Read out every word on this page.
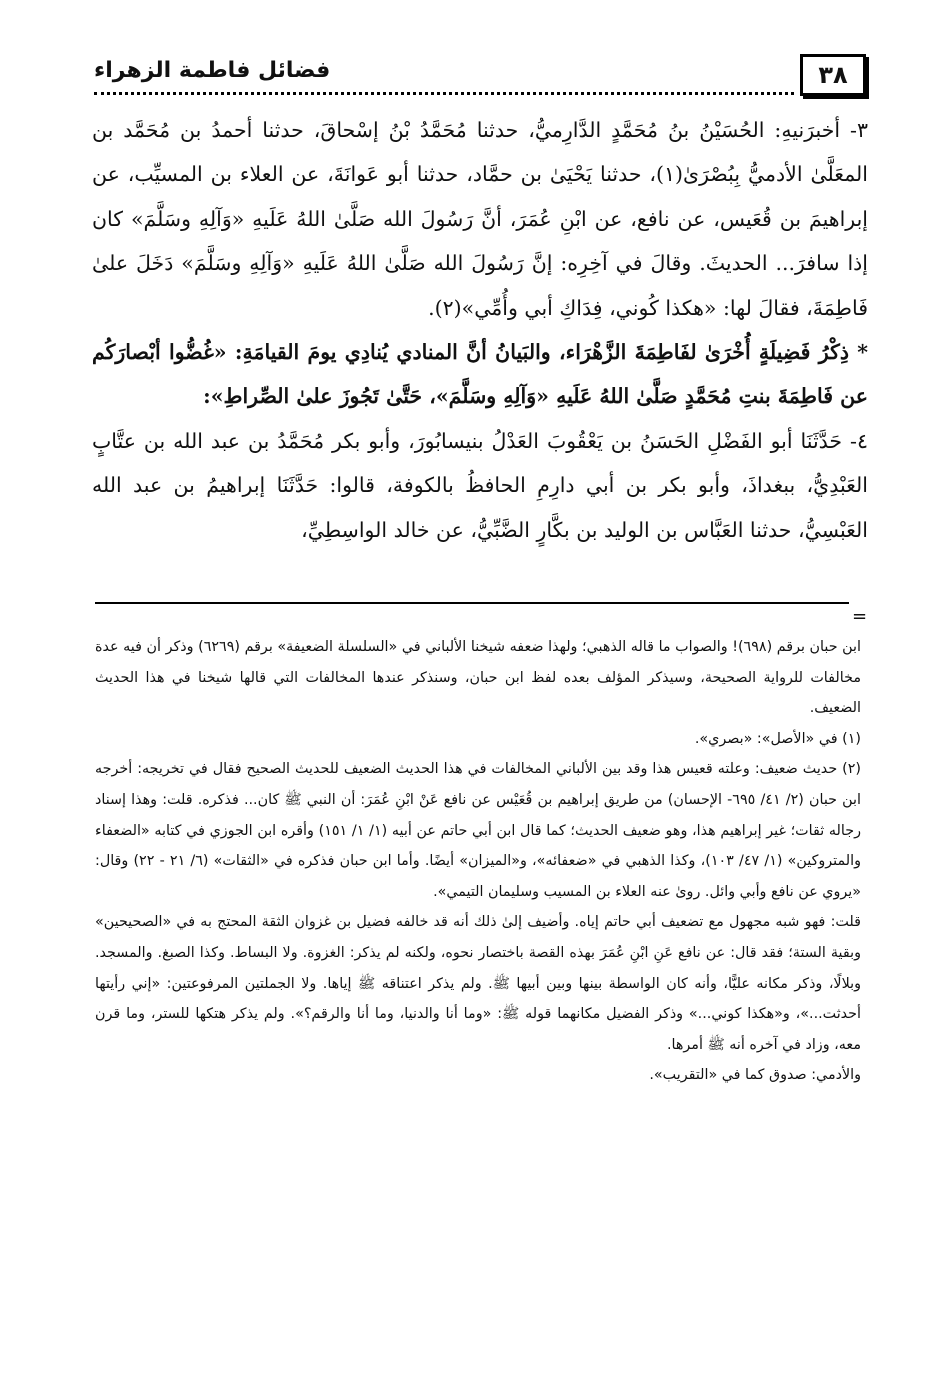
٣٨
فضائل فاطمة الزهراء

٣- أخبرَنيهِ: الحُسَيْنُ بنُ مُحَمَّدٍ الدَّارِميُّ، حدثنا مُحَمَّدُ بْنُ إسْحاقَ، حدثنا أحمدُ بن مُحَمَّد بن المعَلَّىٰ الأدميُّ بِبُصْرَىٰ(١)، حدثنا يَحْيَىٰ بن حمَّاد، حدثنا أبو عَوانَةَ، عن العلاء بن المسيِّب، عن إبراهيمَ بن قُعَيس، عن نافع، عن ابْنِ عُمَرَ، أنَّ رَسُولَ الله صَلَّىٰ اللهُ عَلَيهِ «وَآلِهِ وسَلَّمَ» كان إذا سافرَ... الحديثَ. وقالَ في آخِرِه: إنَّ رَسُولَ الله صَلَّىٰ اللهُ عَلَيهِ «وَآلِهِ وسَلَّمَ» دَخَلَ علىٰ فَاطِمَةَ، فقالَ لها: «هكذا كُوني، فِدَاكِ أبي وأُمِّي»(٢).

* ذِكْرُ فَضِيلَةٍ أُخْرَىٰ لفَاطِمَةَ الزَّهْرَاء، والبَيانُ أنَّ المنادي يُنادِي يومَ القيامَةِ: «غُضُّوا أبْصارَكُم عن فَاطِمَةَ بنتِ مُحَمَّدٍ صَلَّىٰ اللهُ عَلَيهِ «وَآلِهِ وسَلَّمَ»، حَتَّىٰ تَجُوزَ علىٰ الصِّراطِ»:

٤- حَدَّثَنَا أبو الفَضْلِ الحَسَنُ بن يَعْقُوبَ العَدْلُ بنيسابُورَ، وأبو بكر مُحَمَّدُ بن عبد الله بن عتَّابٍ العَبْدِيُّ، ببغداذَ، وأبو بكر بن أبي دارِمِ الحافظُ بالكوفة، قالوا: حَدَّثَنَا إبراهيمُ بن عبد الله العَبْسِيُّ، حدثنا العَبَّاس بن الوليد بن بكَّارٍ الضَّبِّيُّ، عن خالد الواسِطِيِّ،

=

ابن حبان برقم (٦٩٨)! والصواب ما قاله الذهبي؛ ولهذا ضعفه شيخنا الألباني في «السلسلة الضعيفة» برقم (٦٢٦٩) وذكر أن فيه عدة مخالفات للرواية الصحيحة، وسيذكر المؤلف بعده لفظ ابن حبان، وسنذكر عندها المخالفات التي قالها شيخنا في هذا الحديث الضعيف.

(١) في «الأصل»: «بصري».

(٢) حديث ضعيف: وعلته قعيس هذا وقد بين الألباني المخالفات في هذا الحديث الضعيف للحديث الصحيح فقال في تخريجه: أخرجه ابن حبان (٢/ ٤١/ ٦٩٥- الإحسان) من طريق إبراهيم بن قُعَيْس عن نافع عَنْ ابْنِ عُمَرَ: أن النبي ﷺ كان... فذكره. قلت: وهذا إسناد رجاله ثقات؛ غير إبراهيم هذا، وهو ضعيف الحديث؛ كما قال ابن أبي حاتم عن أبيه (١/ ١/ ١٥١) وأقره ابن الجوزي في كتابه «الضعفاء والمتروكين» (١/ ٤٧/ ١٠٣)، وكذا الذهبي في «ضعفائه»، و«الميزان» أيضًا. وأما ابن حبان فذكره في «الثقات» (٦/ ٢١ - ٢٢) وقال: «يروي عن نافع وأبي وائل. روىٰ عنه العلاء بن المسيب وسليمان التيمي».

قلت: فهو شبه مجهول مع تضعيف أبي حاتم إياه. وأضيف إلىٰ ذلك أنه قد خالفه فضيل بن غزوان الثقة المحتج به في «الصحيحين» وبقية الستة؛ فقد قال: عن نافع عَنِ ابْنِ عُمَرَ بهذه القصة باختصار نحوه، ولكنه لم يذكر: الغزوة. ولا البساط. وكذا الصبغ. والمسجد. وبلالًا، وذكر مكانه عليًّا، وأنه كان الواسطة بينها وبين أبيها ﷺ. ولم يذكر اعتناقه ﷺ إياها. ولا الجملتين المرفوعتين: «إني رأيتها أحدثت...»، و«هكذا كوني...» وذكر الفضيل مكانهما قوله ﷺ: «وما أنا والدنيا، وما أنا والرقم؟». ولم يذكر هتكها للستر، وما قرن معه، وزاد في آخره أنه ﷺ أمرها.

والأدمي: صدوق كما في «التقريب».
